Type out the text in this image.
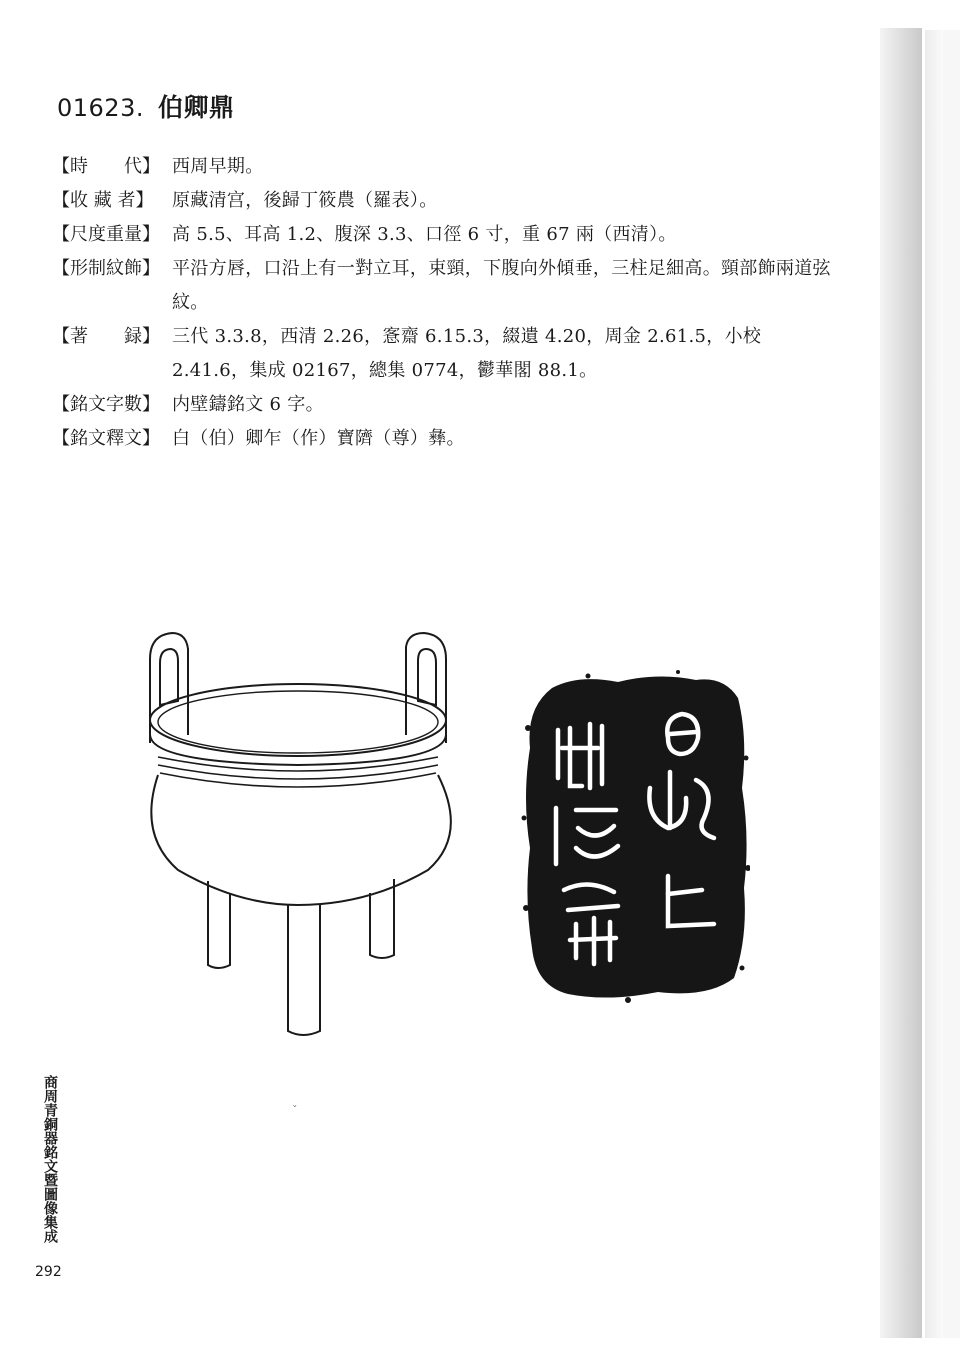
01623. 伯卿鼎
【時　　代】 西周早期。
【收 藏 者】	原藏清宫，後歸丁筱農（羅表）。
【尺度重量】 高 5.5、耳高 1.2、腹深 3.3、口徑 6 寸，重 67 兩（西清）。
【形制紋飾】 平沿方唇，口沿上有一對立耳，束頸，下腹向外傾垂，三柱足細高。頸部飾兩道弦紋。
【著　　録】 三代 3.3.8，西清 2.26，愙齋 6.15.3，綴遺 4.20，周金 2.61.5，小校 2.41.6，集成 02167，總集 0774，鬱華閣 88.1。
【銘文字數】 内壁鑄銘文 6 字。
【銘文釋文】 白（伯）卿乍（作）寶隮（尊）彝。
ˇ
商周青銅器銘文暨圖像集成
292
